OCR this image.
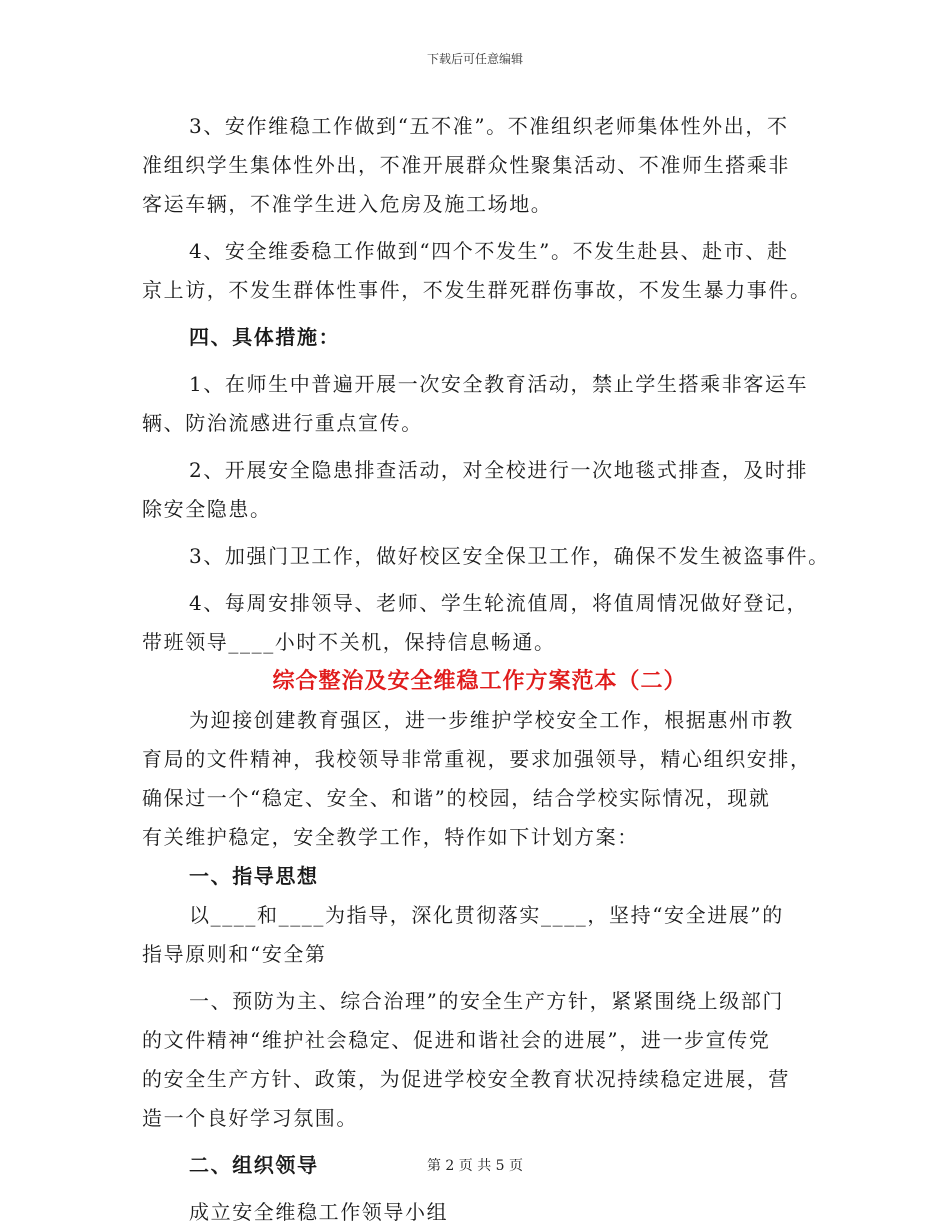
下载后可任意编辑
3、安作维稳工作做到“五不准”。不准组织老师集体性外出，不
准组织学生集体性外出，不准开展群众性聚集活动、不准师生搭乘非
客运车辆，不准学生进入危房及施工场地。
4、安全维委稳工作做到“四个不发生”。不发生赴县、赴市、赴
京上访，不发生群体性事件，不发生群死群伤事故，不发生暴力事件。
四、具体措施：
1、在师生中普遍开展一次安全教育活动，禁止学生搭乘非客运车
辆、防治流感进行重点宣传。
2、开展安全隐患排查活动，对全校进行一次地毯式排查，及时排
除安全隐患。
3、加强门卫工作，做好校区安全保卫工作，确保不发生被盗事件。
4、每周安排领导、老师、学生轮流值周，将值周情况做好登记，
带班领导____小时不关机，保持信息畅通。
综合整治及安全维稳工作方案范本（二）
为迎接创建教育强区，进一步维护学校安全工作，根据惠州市教
育局的文件精神，我校领导非常重视，要求加强领导，精心组织安排，
确保过一个“稳定、安全、和谐”的校园，结合学校实际情况，现就
有关维护稳定，安全教学工作，特作如下计划方案：
一、指导思想
以____和____为指导，深化贯彻落实____，坚持“安全进展”的
指导原则和“安全第
一、预防为主、综合治理”的安全生产方针，紧紧围绕上级部门
的文件精神“维护社会稳定、促进和谐社会的进展”，进一步宣传党
的安全生产方针、政策，为促进学校安全教育状况持续稳定进展，营
造一个良好学习氛围。
二、组织领导
成立安全维稳工作领导小组
第 2 页 共 5 页
